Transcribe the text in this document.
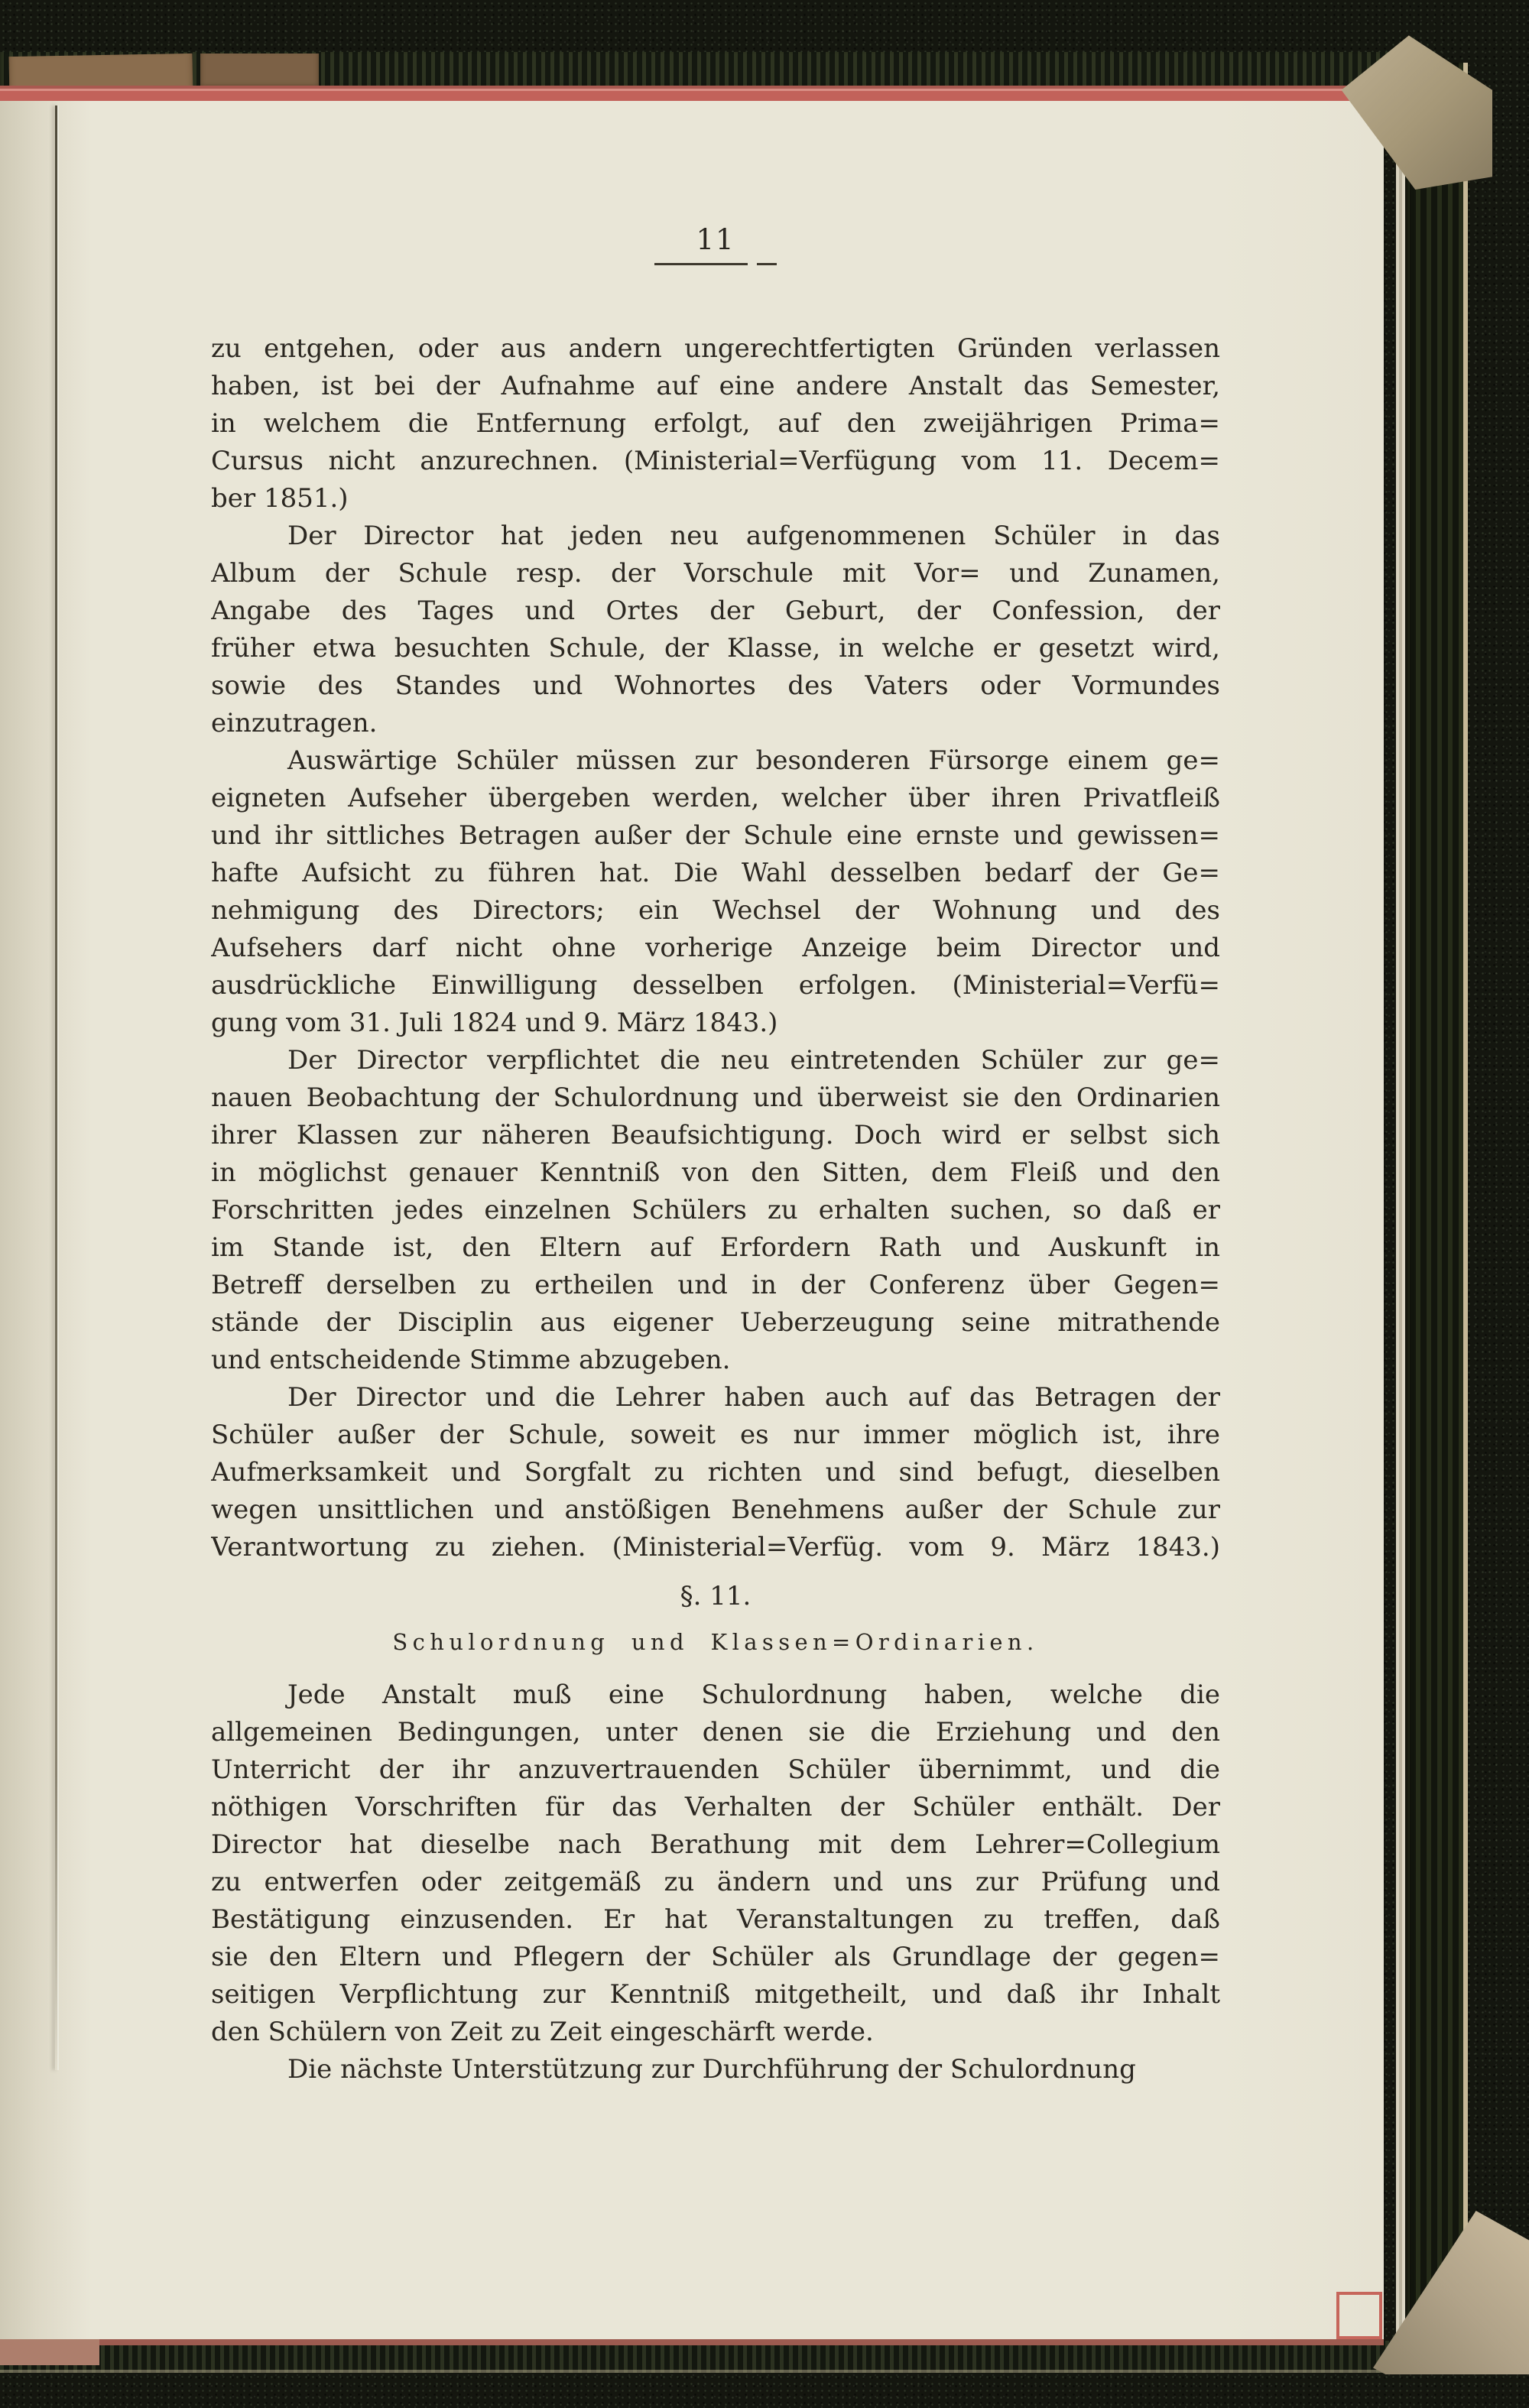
11
zu entgehen, oder aus andern ungerechtfertigten Gründen verlassen
haben, ist bei der Aufnahme auf eine andere Anstalt das Semester,
in welchem die Entfernung erfolgt, auf den zweijährigen Prima=
Cursus nicht anzurechnen. (Ministerial=Verfügung vom 11. Decem=
ber 1851.)
Der Director hat jeden neu aufgenommenen Schüler in das
Album der Schule resp. der Vorschule mit Vor= und Zunamen,
Angabe des Tages und Ortes der Geburt, der Confession, der
früher etwa besuchten Schule, der Klasse, in welche er gesetzt wird,
sowie des Standes und Wohnortes des Vaters oder Vormundes
einzutragen.
Auswärtige Schüler müssen zur besonderen Fürsorge einem ge=
eigneten Aufseher übergeben werden, welcher über ihren Privatfleiß
und ihr sittliches Betragen außer der Schule eine ernste und gewissen=
hafte Aufsicht zu führen hat. Die Wahl desselben bedarf der Ge=
nehmigung des Directors; ein Wechsel der Wohnung und des
Aufsehers darf nicht ohne vorherige Anzeige beim Director und
ausdrückliche Einwilligung desselben erfolgen. (Ministerial=Verfü=
gung vom 31. Juli 1824 und 9. März 1843.)
Der Director verpflichtet die neu eintretenden Schüler zur ge=
nauen Beobachtung der Schulordnung und überweist sie den Ordinarien
ihrer Klassen zur näheren Beaufsichtigung. Doch wird er selbst sich
in möglichst genauer Kenntniß von den Sitten, dem Fleiß und den
Forschritten jedes einzelnen Schülers zu erhalten suchen, so daß er
im Stande ist, den Eltern auf Erfordern Rath und Auskunft in
Betreff derselben zu ertheilen und in der Conferenz über Gegen=
stände der Disciplin aus eigener Ueberzeugung seine mitrathende
und entscheidende Stimme abzugeben.
Der Director und die Lehrer haben auch auf das Betragen der
Schüler außer der Schule, soweit es nur immer möglich ist, ihre
Aufmerksamkeit und Sorgfalt zu richten und sind befugt, dieselben
wegen unsittlichen und anstößigen Benehmens außer der Schule zur
Verantwortung zu ziehen. (Ministerial=Verfüg. vom 9. März 1843.)
§. 11.
Schulordnung und Klassen=Ordinarien.
Jede Anstalt muß eine Schulordnung haben, welche die
allgemeinen Bedingungen, unter denen sie die Erziehung und den
Unterricht der ihr anzuvertrauenden Schüler übernimmt, und die
nöthigen Vorschriften für das Verhalten der Schüler enthält. Der
Director hat dieselbe nach Berathung mit dem Lehrer=Collegium
zu entwerfen oder zeitgemäß zu ändern und uns zur Prüfung und
Bestätigung einzusenden. Er hat Veranstaltungen zu treffen, daß
sie den Eltern und Pflegern der Schüler als Grundlage der gegen=
seitigen Verpflichtung zur Kenntniß mitgetheilt, und daß ihr Inhalt
den Schülern von Zeit zu Zeit eingeschärft werde.
Die nächste Unterstützung zur Durchführung der Schulordnung
